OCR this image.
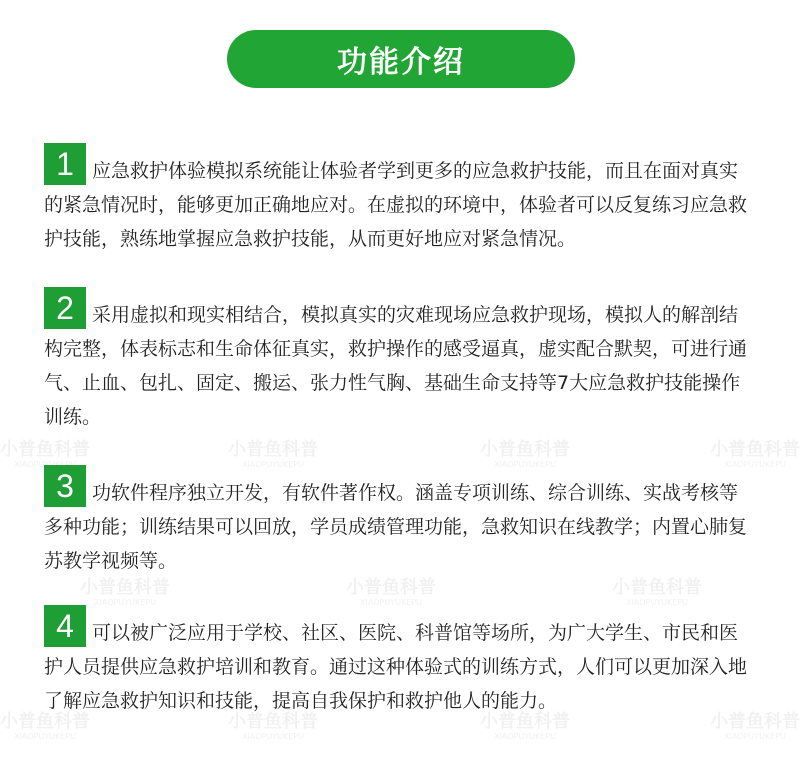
小普鱼科普	小普鱼科普
XIAOPUYUKEPU
小普鱼科普
XIAOPUYUKEPU
小普鱼科普
XIAOPUYUKEPU
小普鱼科普
XIAOPUYUKEPU
小普鱼科普
XIAOPUYUKEPU
小普鱼科普
XIAOPUYUKEPU
小普鱼科普
XIAOPUYUKEPU
小普鱼科普
XIAOPUYUKEPU
小普鱼科普
XIAOPUYUKEPU
小普鱼科普
XIAOPUYUKEPU
功能介绍
1 应急救护体验模拟系统能让体验者学到更多的应急救护技能，而且在面对真实的紧急情况时，能够更加正确地应对。在虚拟的环境中，体验者可以反复练习应急救护技能，熟练地掌握应急救护技能，从而更好地应对紧急情况。

2 采用虚拟和现实相结合，模拟真实的灾难现场应急救护现场，模拟人的解剖结构完整，体表标志和生命体征真实，救护操作的感受逼真，虚实配合默契，可进行通气、止血、包扎、固定、搬运、张力性气胸、基础生命支持等7大应急救护技能操作训练。

3 功软件程序独立开发，有软件著作权。涵盖专项训练、综合训练、实战考核等多种功能；训练结果可以回放，学员成绩管理功能，急救知识在线教学；内置心肺复苏教学视频等。

4 可以被广泛应用于学校、社区、医院、科普馆等场所，为广大学生、市民和医护人员提供应急救护培训和教育。通过这种体验式的训练方式，人们可以更加深入地了解应急救护知识和技能，提高自我保护和救护他人的能力。
